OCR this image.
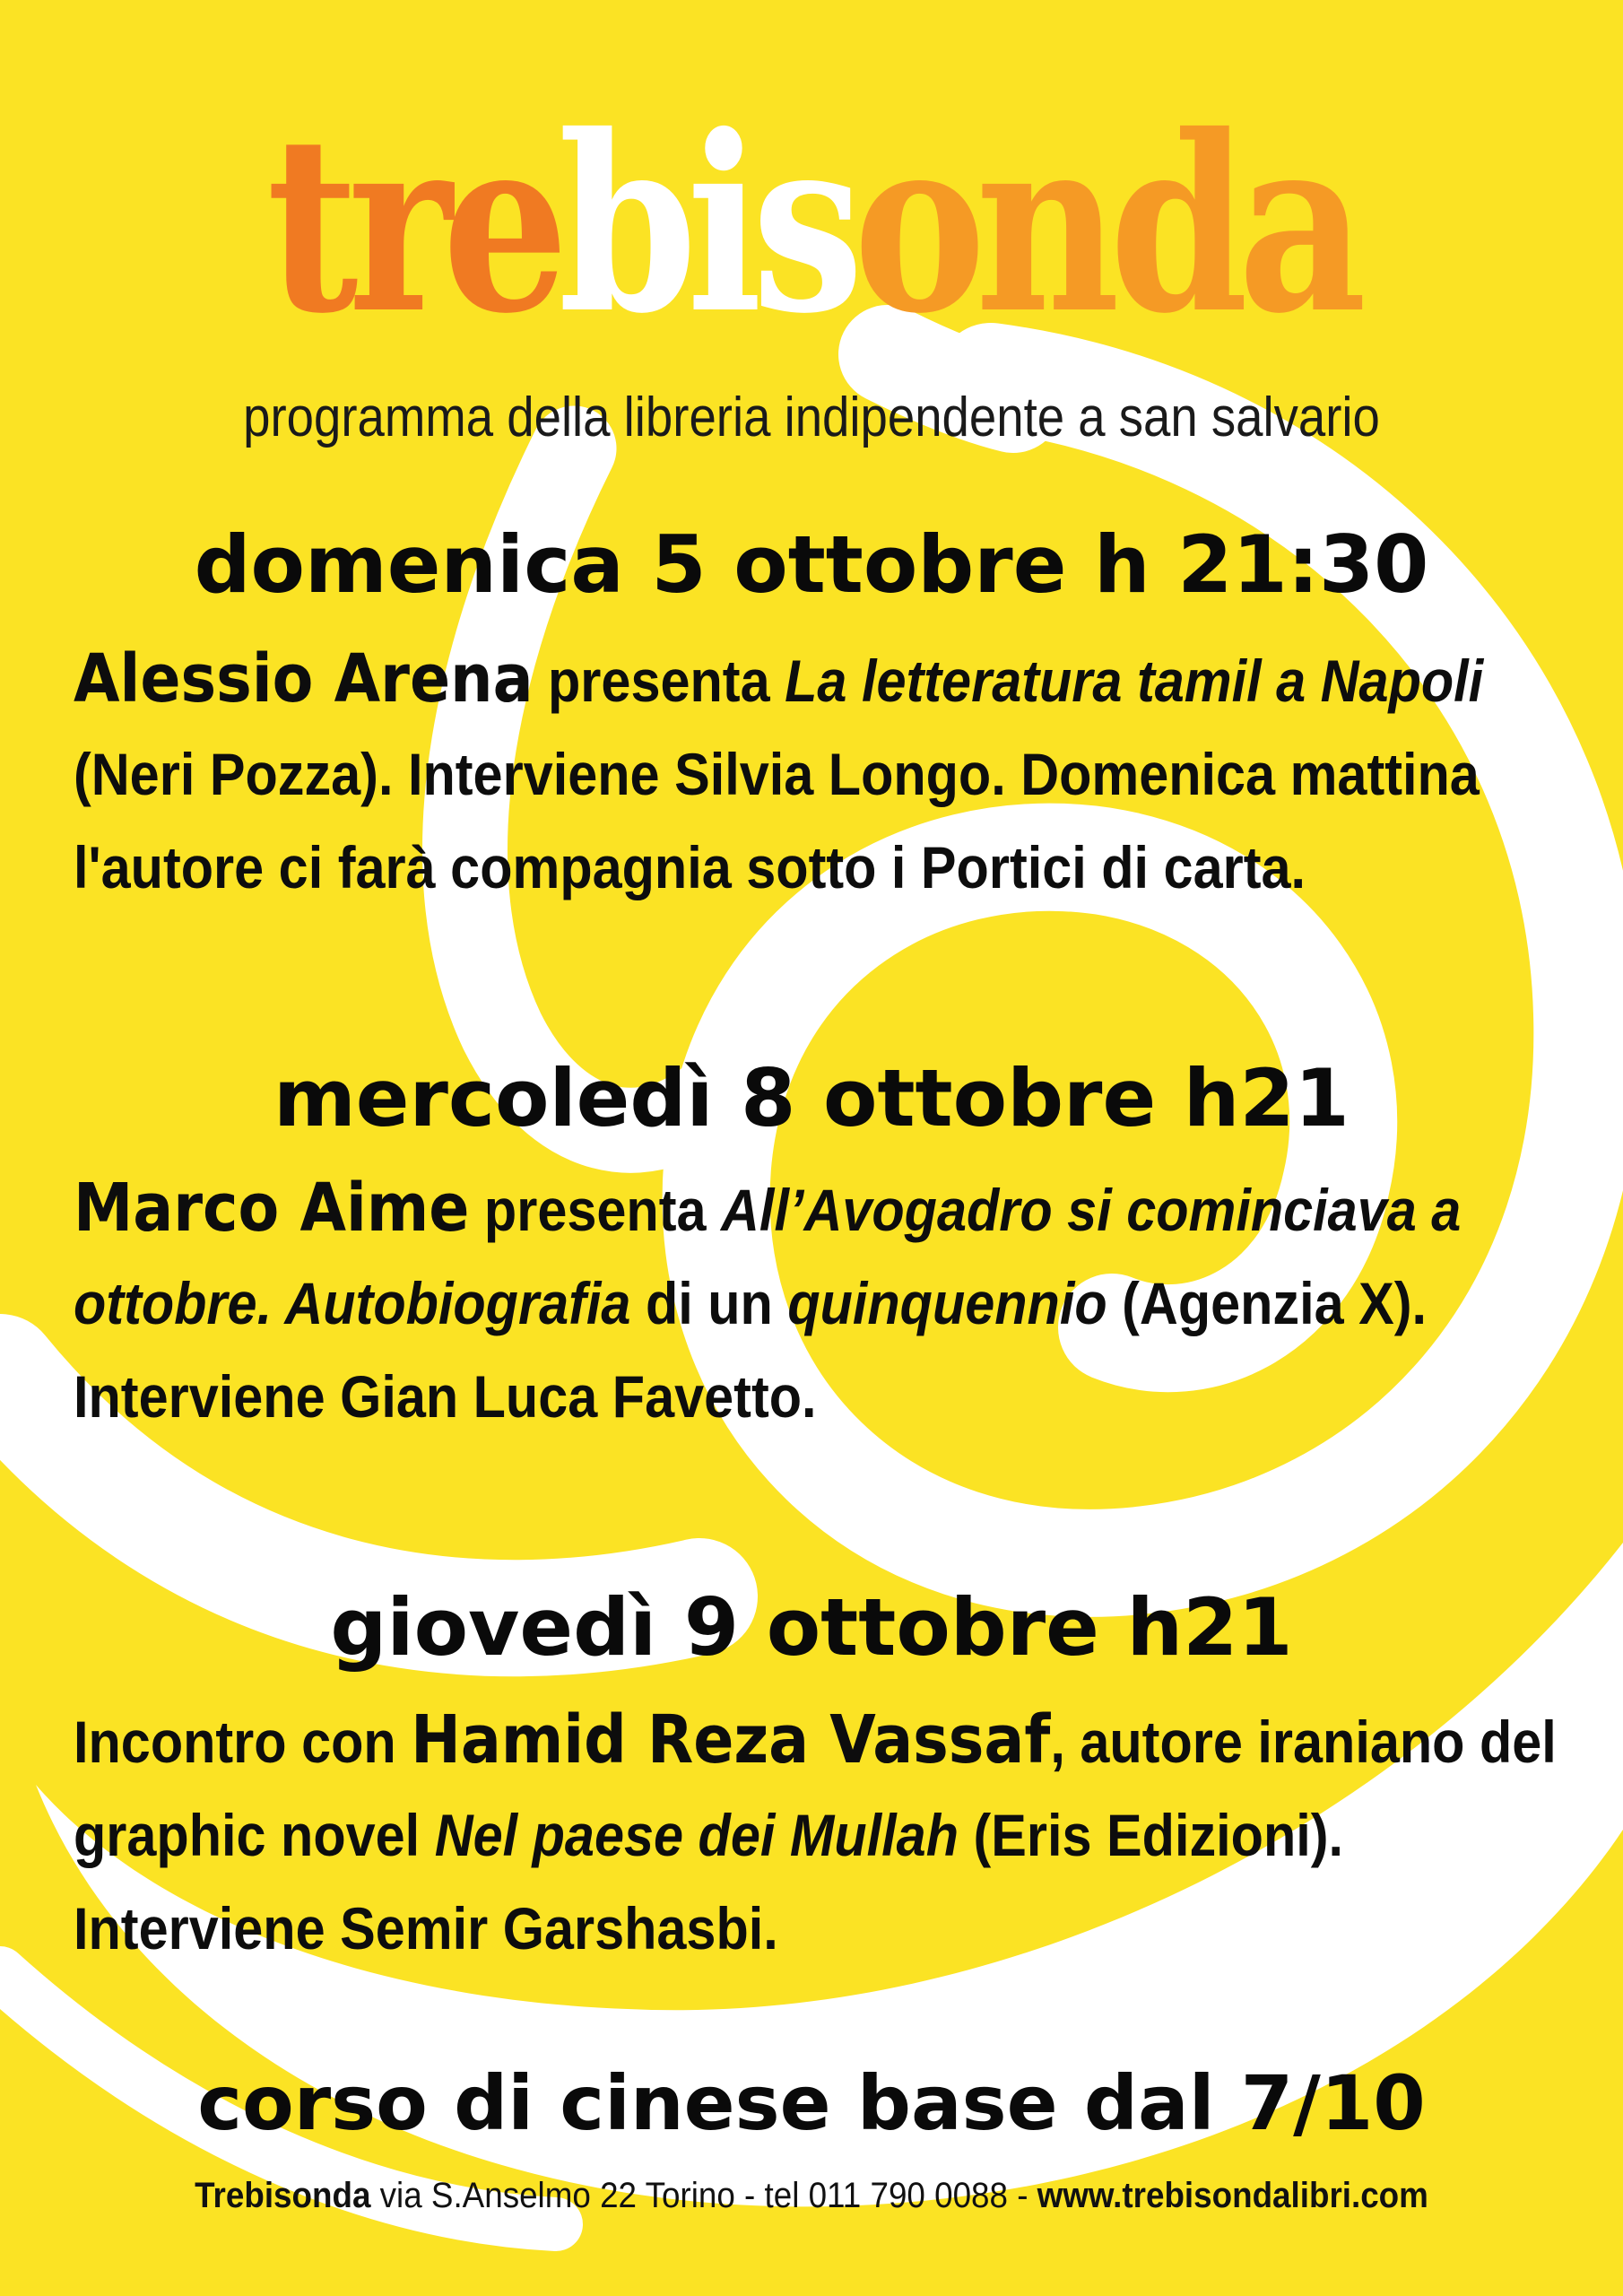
trebisonda
programma della libreria indipendente a san salvario
domenica 5 ottobre h 21:30
Alessio Arena presenta La letteratura tamil a Napoli (Neri Pozza). Interviene Silvia Longo. Domenica mattina l'autore ci farà compagnia sotto i Portici di carta.
mercoledì 8 ottobre h21
Marco Aime presenta All’Avogadro si cominciava a ottobre. Autobiografia di un quinquennio (Agenzia X). Interviene Gian Luca Favetto.
giovedì 9 ottobre h21
Incontro con Hamid Reza Vassaf, autore iraniano del graphic novel Nel paese dei Mullah (Eris Edizioni). Interviene Semir Garshasbi.
corso di cinese base dal 7/10
Trebisonda via S.Anselmo 22 Torino - tel 011 790 0088 - www.trebisondalibri.com
